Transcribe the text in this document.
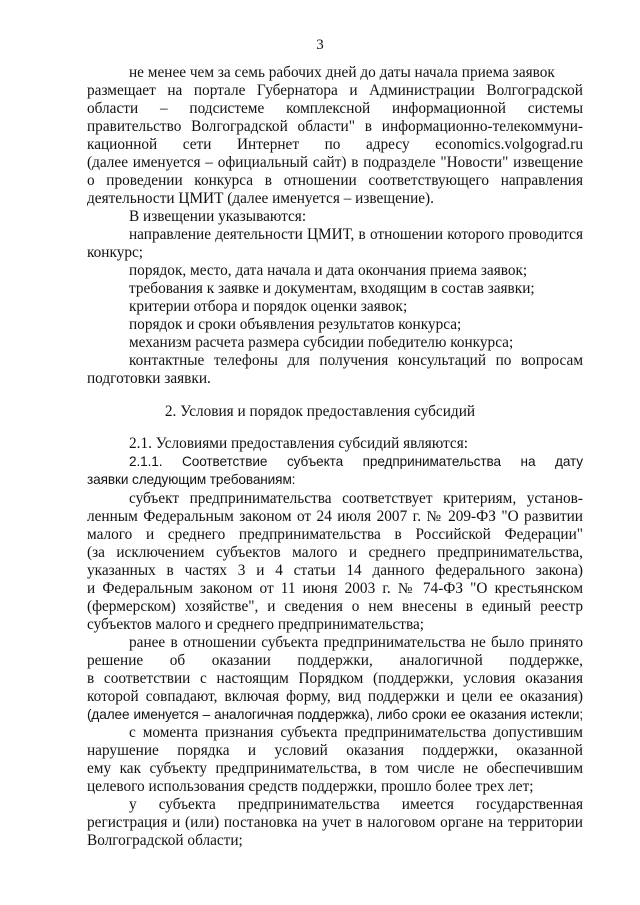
3
не менее чем за семь рабочих дней до даты начала приема заявок
размещает на портале Губернатора и Администрации Волгоградской
области – подсистеме комплексной информационной системы
правительство Волгоградской области" в информационно-телекоммуни-
кационной сети Интернет по адресу economics.volgograd.ru
(далее именуется – официальный сайт) в подразделе "Новости" извещение
о проведении конкурса в отношении соответствующего направления
деятельности ЦМИТ (далее именуется – извещение).
В извещении указываются:
направление деятельности ЦМИТ, в отношении которого проводится
конкурс;
порядок, место, дата начала и дата окончания приема заявок;
требования к заявке и документам, входящим в состав заявки;
критерии отбора и порядок оценки заявок;
порядок и сроки объявления результатов конкурса;
механизм расчета размера субсидии победителю конкурса;
контактные телефоны для получения консультаций по вопросам
подготовки заявки.
2. Условия и порядок предоставления субсидий
2.1. Условиями предоставления субсидий являются:
2.1.1. Соответствие субъекта предпринимательства на дату
заявки следующим требованиям:
субъект предпринимательства соответствует критериям, установ-
ленным Федеральным законом от 24 июля 2007 г. № 209-ФЗ "О развитии
малого и среднего предпринимательства в Российской Федерации"
(за исключением субъектов малого и среднего предпринимательства,
указанных в частях 3 и 4 статьи 14 данного федерального закона)
и Федеральным законом от 11 июня 2003 г. № 74-ФЗ "О крестьянском
(фермерском) хозяйстве", и сведения о нем внесены в единый реестр
субъектов малого и среднего предпринимательства;
ранее в отношении субъекта предпринимательства не было принято
решение об оказании поддержки, аналогичной поддержке,
в соответствии с настоящим Порядком (поддержки, условия оказания
которой совпадают, включая форму, вид поддержки и цели ее оказания)
(далее именуется – аналогичная поддержка), либо сроки ее оказания истекли;
с момента признания субъекта предпринимательства допустившим
нарушение порядка и условий оказания поддержки, оказанной
ему как субъекту предпринимательства, в том числе не обеспечившим
целевого использования средств поддержки, прошло более трех лет;
у субъекта предпринимательства имеется государственная
регистрация и (или) постановка на учет в налоговом органе на территории
Волгоградской области;
